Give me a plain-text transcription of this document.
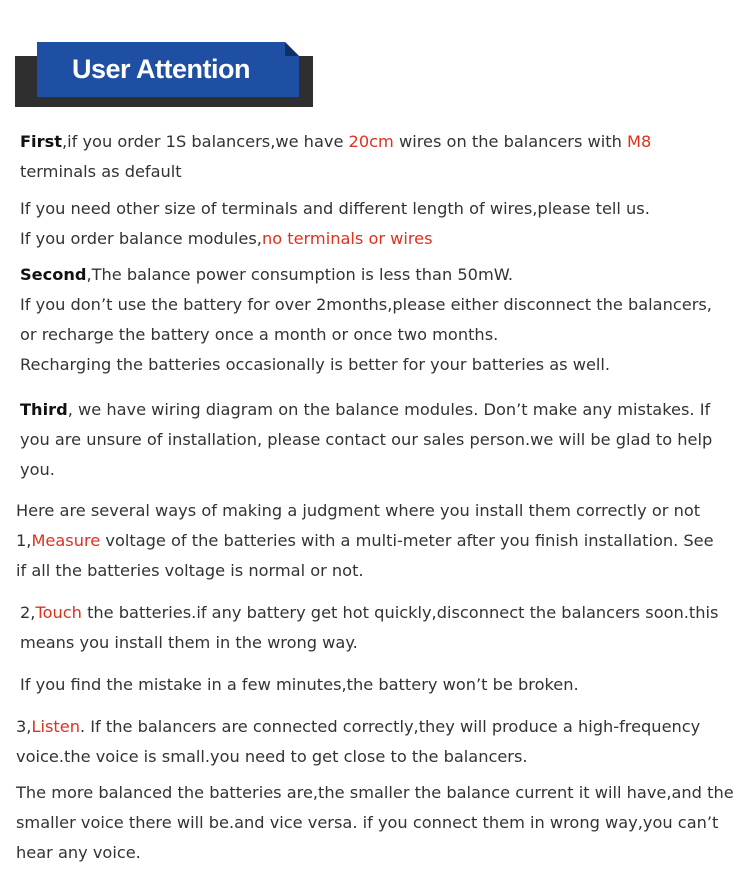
User Attention
First,if you order 1S balancers,we have 20cm wires on the balancers with M8
terminals as default
If you need other size of terminals and different length of wires,please tell us.
If you order balance modules,no terminals or wires
Second,The balance power consumption is less than 50mW.
If you don’t use the battery for over 2months,please either disconnect the balancers,
or recharge the battery once a month or once two months.
Recharging the batteries occasionally is better for your batteries as well.
Third, we have wiring diagram on the balance modules. Don’t make any mistakes. If
you are unsure of installation, please contact our sales person.we will be glad to help
you.
Here are several ways of making a judgment where you install them correctly or not
1,Measure voltage of the batteries with a multi-meter after you finish installation. See
if all the batteries voltage is normal or not.
2,Touch the batteries.if any battery get hot quickly,disconnect the balancers soon.this
means you install them in the wrong way.
If you find the mistake in a few minutes,the battery won’t be broken.
3,Listen. If the balancers are connected correctly,they will produce a high-frequency
voice.the voice is small.you need to get close to the balancers.
The more balanced the batteries are,the smaller the balance current it will have,and the
smaller voice there will be.and vice versa. if you connect them in wrong way,you can’t
hear any voice.
